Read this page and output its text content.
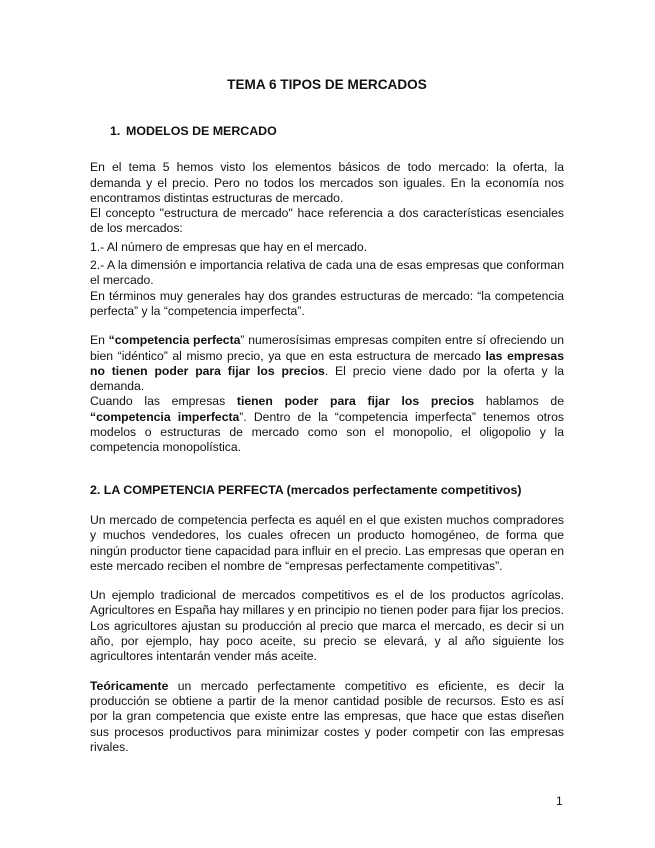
TEMA 6 TIPOS DE MERCADOS
1. MODELOS DE MERCADO

En el tema 5 hemos visto los elementos básicos de todo mercado: la oferta, la demanda y el precio. Pero no todos los mercados son iguales. En la economía nos encontramos distintas estructuras de mercado.

El concepto "estructura de mercado" hace referencia a dos características esenciales de los mercados:

1.- Al número de empresas que hay en el mercado.

2.- A la dimensión e importancia relativa de cada una de esas empresas que conforman el mercado.

En términos muy generales hay dos grandes estructuras de mercado: “la competencia perfecta” y la “competencia imperfecta”.

En “competencia perfecta” numerosísimas empresas compiten entre sí ofreciendo un bien “idéntico” al mismo precio, ya que en esta estructura de mercado las empresas no tienen poder para fijar los precios. El precio viene dado por la oferta y la demanda.

Cuando las empresas tienen poder para fijar los precios hablamos de “competencia imperfecta”. Dentro de la “competencia imperfecta” tenemos otros modelos o estructuras de mercado como son el monopolio, el oligopolio y la competencia monopolística.

2. LA COMPETENCIA PERFECTA (mercados perfectamente competitivos)

Un mercado de competencia perfecta es aquél en el que existen muchos compradores y muchos vendedores, los cuales ofrecen un producto homogéneo, de forma que ningún productor tiene capacidad para influir en el precio. Las empresas que operan en este mercado reciben el nombre de “empresas perfectamente competitivas”.

Un ejemplo tradicional de mercados competitivos es el de los productos agrícolas. Agricultores en España hay millares y en principio no tienen poder para fijar los precios. Los agricultores ajustan su producción al precio que marca el mercado, es decir si un año, por ejemplo, hay poco aceite, su precio se elevará, y al año siguiente los agricultores intentarán vender más aceite.

Teóricamente un mercado perfectamente competitivo es eficiente, es decir la producción se obtiene a partir de la menor cantidad posible de recursos. Esto es así por la gran competencia que existe entre las empresas, que hace que estas diseñen sus procesos productivos para minimizar costes y poder competir con las empresas rivales.

1
